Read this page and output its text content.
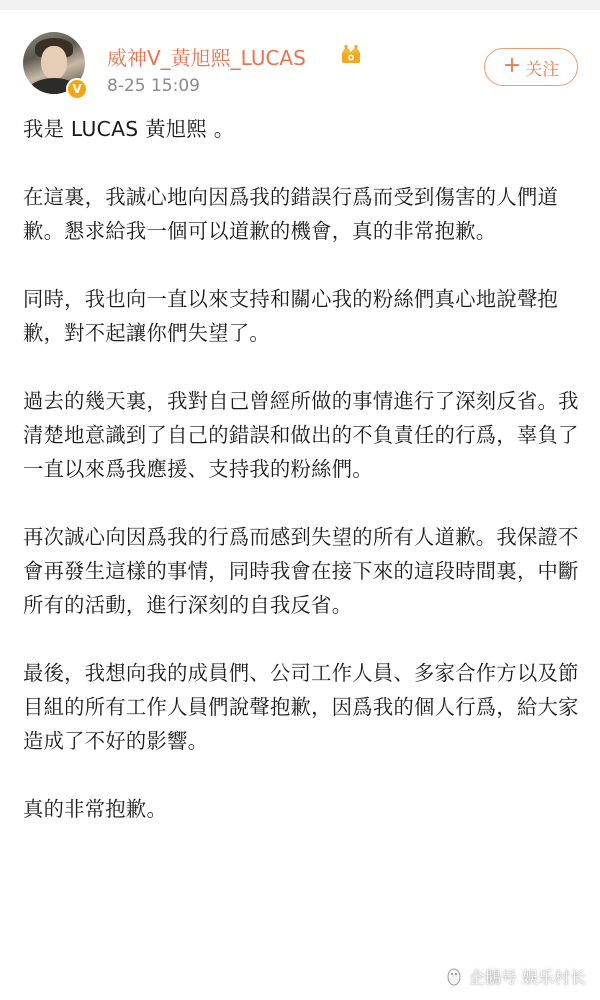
V
威神V_黃旭熙_LUCAS
8-25 15:09
+ 关注

我是 LUCAS 黃旭熙 。

在這裏，我誠心地向因爲我的錯誤行爲而受到傷害的人們道歉。懇求給我一個可以道歉的機會，真的非常抱歉。

同時，我也向一直以來支持和關心我的粉絲們真心地說聲抱歉，對不起讓你們失望了。

過去的幾天裏，我對自己曾經所做的事情進行了深刻反省。我清楚地意識到了自己的錯誤和做出的不負責任的行爲，辜負了一直以來爲我應援、支持我的粉絲們。

再次誠心向因爲我的行爲而感到失望的所有人道歉。我保證不會再發生這樣的事情，同時我會在接下來的這段時間裏，中斷所有的活動，進行深刻的自我反省。

最後，我想向我的成員們、公司工作人員、多家合作方以及節目組的所有工作人員們說聲抱歉，因爲我的個人行爲，給大家造成了不好的影響。

真的非常抱歉。

企鵝号 娱乐村长
